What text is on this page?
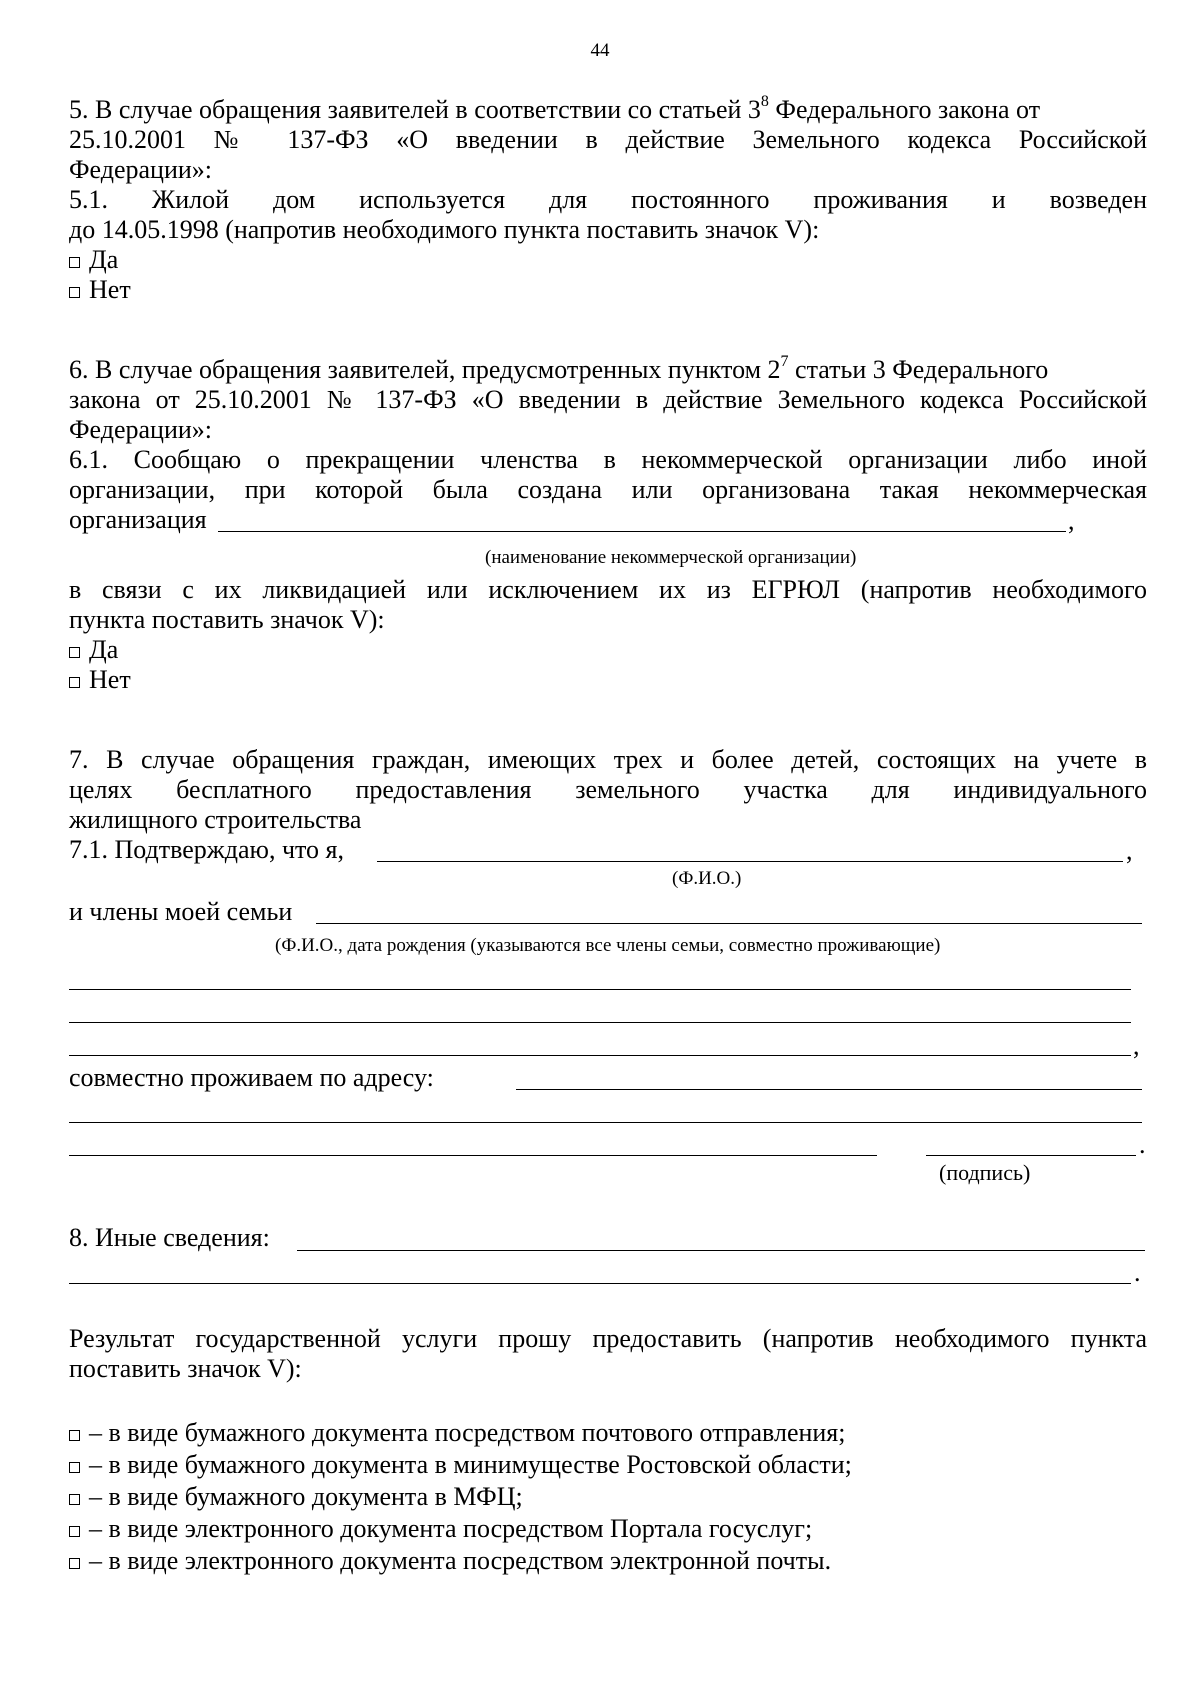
44
5. В случае обращения заявителей в соответствии со статьей $3^8$ Федерального закона от
25.10.2001 № 137-ФЗ «О введении в действие Земельного кодекса Российской
Федерации»:
5.1. Жилой дом используется для постоянного проживания и возведен
до 14.05.1998 (напротив необходимого пункта поставить значок V):
Да
Нет
6. В случае обращения заявителей, предусмотренных пунктом $2^7$ статьи 3 Федерального
закона от 25.10.2001 № 137-ФЗ «О введении в действие Земельного кодекса Российской
Федерации»:
6.1. Сообщаю о прекращении членства в некоммерческой организации либо иной
организации, при которой была создана или организована такая некоммерческая
организация	,
(наименование некоммерческой организации)
в связи с их ликвидацией или исключением их из ЕГРЮЛ (напротив необходимого
пункта поставить значок V):
Да
Нет
7. В случае обращения граждан, имеющих трех и более детей, состоящих на учете в
целях бесплатного предоставления земельного участка для индивидуального
жилищного строительства
7.1. Подтверждаю, что я,	,
(Ф.И.О.)
и члены моей семьи
(Ф.И.О., дата рождения (указываются все члены семьи, совместно проживающие)
,
совместно проживаем по адресу:
.
(подпись)
8. Иные сведения:
.
Результат государственной услуги прошу предоставить (напротив необходимого пункта
поставить значок V):
– в виде бумажного документа посредством почтового отправления;
– в виде бумажного документа в минимуществе Ростовской области;
– в виде бумажного документа в МФЦ;
– в виде электронного документа посредством Портала госуслуг;
– в виде электронного документа посредством электронной почты.
